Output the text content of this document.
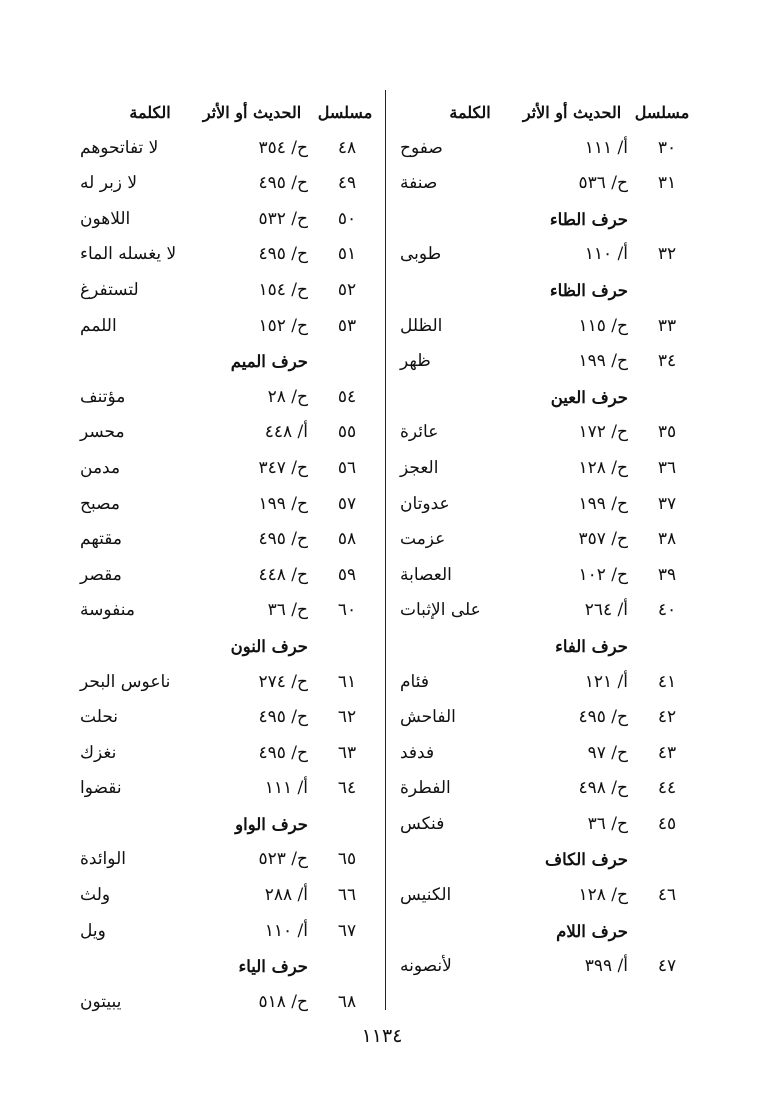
مسلسل
الحديث أو الأثر
الكلمة
٣٠
أ/ ١١١
صفوح
٣١
ح/ ٥٣٦
صنفة
حرف الطاء
٣٢
أ/ ١١٠
طوبى
حرف الظاء
٣٣
ح/ ١١٥
الظلل
٣٤
ح/ ١٩٩
ظهر
حرف العين
٣٥
ح/ ١٧٢
عائرة
٣٦
ح/ ١٢٨
العجز
٣٧
ح/ ١٩٩
عدوتان
٣٨
ح/ ٣٥٧
عزمت
٣٩
ح/ ١٠٢
العصابة
٤٠
أ/ ٢٦٤
على الإثبات
حرف الفاء
٤١
أ/ ١٢١
فئام
٤٢
ح/ ٤٩٥
الفاحش
٤٣
ح/ ٩٧
فدفد
٤٤
ح/ ٤٩٨
الفطرة
٤٥
ح/ ٣٦
فنكس
حرف الكاف
٤٦
ح/ ١٢٨
الكنيس
حرف اللام
٤٧
أ/ ٣٩٩
لأنصونه
مسلسل
الحديث أو الأثر
الكلمة
٤٨
ح/ ٣٥٤
لا تفاتحوهم
٤٩
ح/ ٤٩٥
لا زبر له
٥٠
ح/ ٥٣٢
اللاهون
٥١
ح/ ٤٩٥
لا يغسله الماء
٥٢
ح/ ١٥٤
لتستفرغ
٥٣
ح/ ١٥٢
اللمم
حرف الميم
٥٤
ح/ ٢٨
مؤتنف
٥٥
أ/ ٤٤٨
محسر
٥٦
ح/ ٣٤٧
مدمن
٥٧
ح/ ١٩٩
مصبح
٥٨
ح/ ٤٩٥
مقتهم
٥٩
ح/ ٤٤٨
مقصر
٦٠
ح/ ٣٦
منفوسة
حرف النون
٦١
ح/ ٢٧٤
ناعوس البحر
٦٢
ح/ ٤٩٥
نحلت
٦٣
ح/ ٤٩٥
نغزك
٦٤
أ/ ١١١
نقضوا
حرف الواو
٦٥
ح/ ٥٢٣
الوائدة
٦٦
أ/ ٢٨٨
ولث
٦٧
أ/ ١١٠
ويل
حرف الياء
٦٨
ح/ ٥١٨
يبيتون
١١٣٤
